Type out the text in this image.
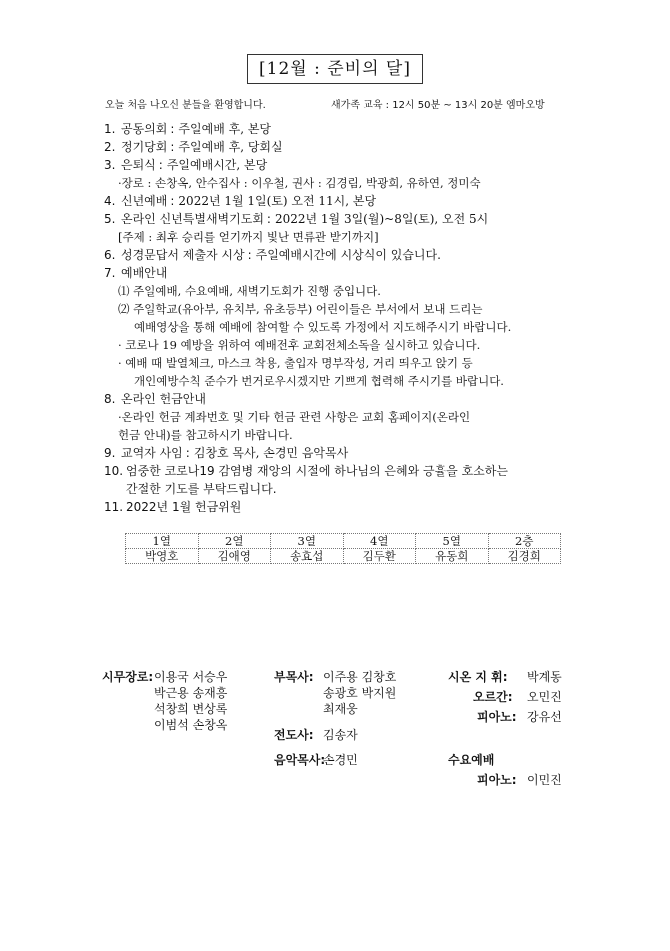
[12월 : 준비의 달]
오늘 처음 나오신 분들을 환영합니다.	새가족 교육 : 12시 50분 ~ 13시 20분 엠마오방
1. 공동의회 : 주일예배 후, 본당
2. 정기당회 : 주일예배 후, 당회실
3. 은퇴식 : 주일예배시간, 본당
·장로 : 손창옥, 안수집사 : 이우철, 권사 : 김경림, 박광희, 유하연, 정미숙
4. 신년예배 : 2022년 1월 1일(토) 오전 11시, 본당
5. 온라인 신년특별새벽기도회 : 2022년 1월 3일(월)~8일(토), 오전 5시
[주제 : 최후 승리를 얻기까지 빛난 면류관 받기까지]
6. 성경문답서 제출자 시상 : 주일예배시간에 시상식이 있습니다.
7. 예배안내
⑴ 주일예배, 수요예배, 새벽기도회가 진행 중입니다.
⑵ 주일학교(유아부, 유치부, 유초등부) 어린이들은 부서에서 보내 드리는
예배영상을 통해 예배에 참여할 수 있도록 가정에서 지도해주시기 바랍니다.
· 코로나 19 예방을 위하여 예배전후 교회전체소독을 실시하고 있습니다.
· 예배 때 발열체크, 마스크 착용, 출입자 명부작성, 거리 띄우고 앉기 등
개인예방수칙 준수가 번거로우시겠지만 기쁘게 협력해 주시기를 바랍니다.
8. 온라인 헌금안내
·온라인 헌금 계좌번호 및 기타 헌금 관련 사항은 교회 홈페이지(온라인
헌금 안내)를 참고하시기 바랍니다.
9. 교역자 사임 : 김창호 목사, 손경민 음악목사
10. 엄중한 코로나19 감염병 재앙의 시절에 하나님의 은혜와 긍휼을 호소하는
간절한 기도를 부탁드립니다.
11. 2022년 1월 헌금위원
1열	2열	3열	4열	5열	2층
박영호	김애영	송효섭	김두환	유동희	김경희
시무장로: 이용국 서승우
박근용 송재흥
석창희 변상록
이범석 손창옥
부목사: 이주용 김창호
송광호 박지원
최재웅
전도사: 김송자
음악목사:
손경민
시온 지 휘: 박계동
오르간: 오민진
피아노: 강유선
수요예배
피아노: 이민진
